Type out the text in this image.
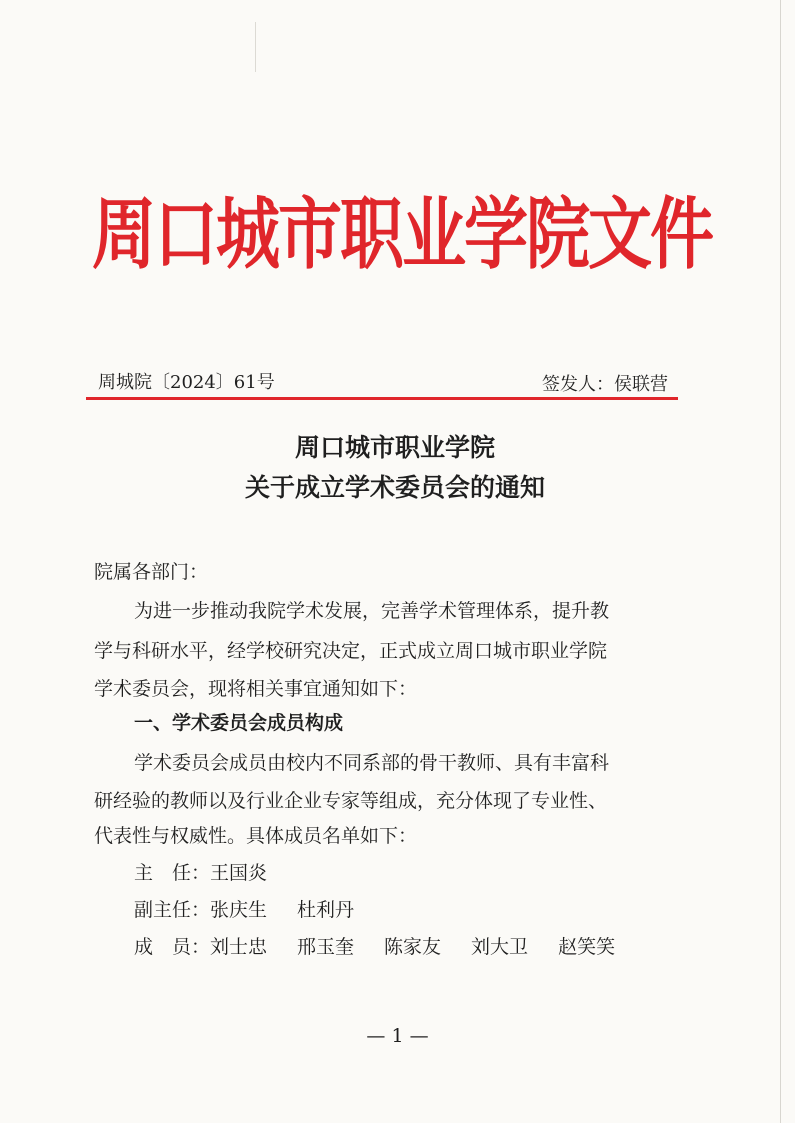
周口城市职业学院文件
周城院〔2024〕61号	签发人：侯联营
周口城市职业学院
关于成立学术委员会的通知
院属各部门：
为进一步推动我院学术发展，完善学术管理体系，提升教
学与科研水平，经学校研究决定，正式成立周口城市职业学院
学术委员会，现将相关事宜通知如下：
一、学术委员会成员构成
学术委员会成员由校内不同系部的骨干教师、具有丰富科
研经验的教师以及行业企业专家等组成，充分体现了专业性、
代表性与权威性。具体成员名单如下：
主　任：王国炎
副主任：张庆生 杜利丹
成　员：刘士忠 邢玉奎 陈家友 刘大卫 赵笑笑
— 1 —
